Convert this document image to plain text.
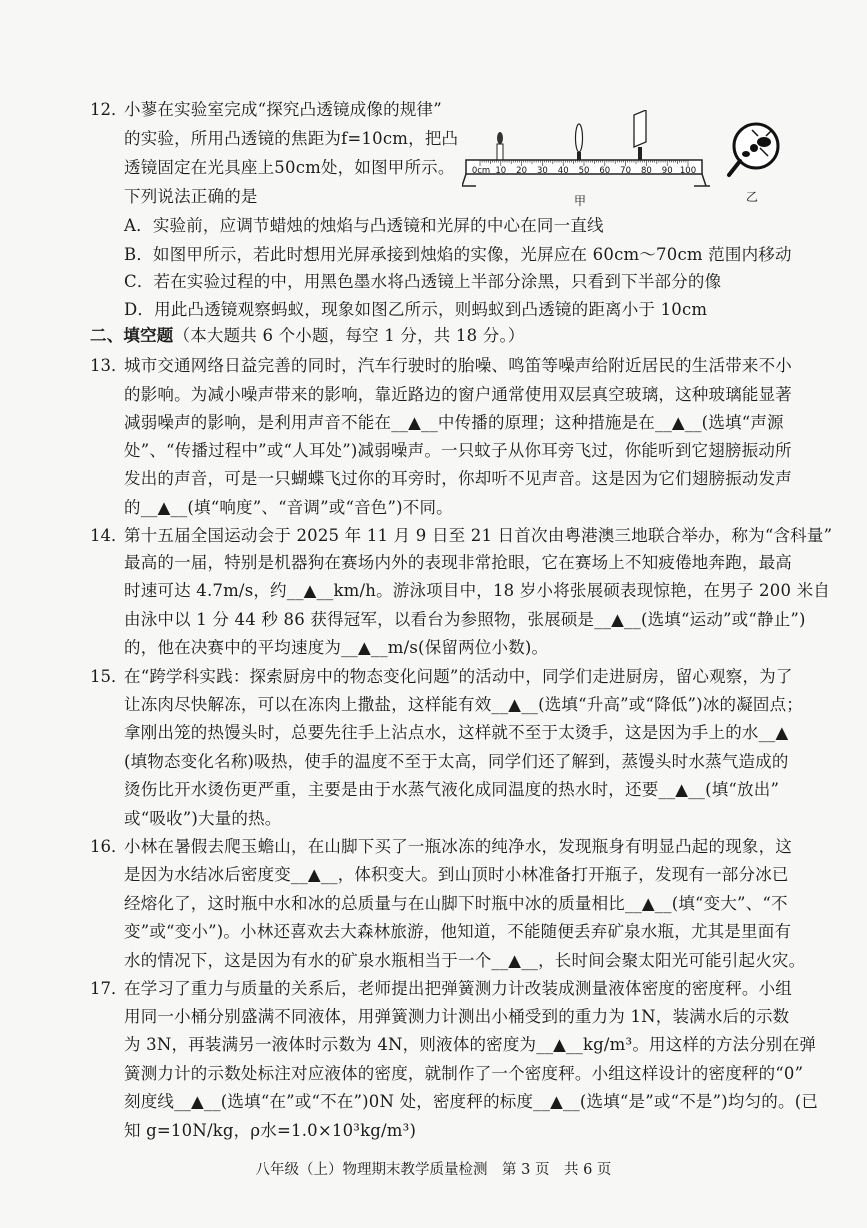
12．
小蓼在实验室完成“探究凸透镜成像的规律”
的实验，所用凸透镜的焦距为f=10cm，把凸
透镜固定在光具座上50cm处，如图甲所示。
下列说法正确的是
A．实验前，应调节蜡烛的烛焰与凸透镜和光屏的中心在同一直线
B．如图甲所示，若此时想用光屏承接到烛焰的实像，光屏应在 60cm～70cm 范围内移动
C．若在实验过程的中，用黑色墨水将凸透镜上半部分涂黑，只看到下半部分的像
D．用此凸透镜观察蚂蚁，现象如图乙所示，则蚂蚁到凸透镜的距离小于 10cm
0cm 10 20 30 40 50 60 70 80 90 100
甲	乙
二、填空题（本大题共 6 个小题，每空 1 分，共 18 分。）
13．
城市交通网络日益完善的同时，汽车行驶时的胎噪、鸣笛等噪声给附近居民的生活带来不小
的影响。为减小噪声带来的影响，靠近路边的窗户通常使用双层真空玻璃，这种玻璃能显著
减弱噪声的影响，是利用声音不能在__▲__中传播的原理；这种措施是在__▲__(选填“声源
处”、“传播过程中”或“人耳处”)减弱噪声。一只蚊子从你耳旁飞过，你能听到它翅膀振动所
发出的声音，可是一只蝴蝶飞过你的耳旁时，你却听不见声音。这是因为它们翅膀振动发声
的__▲__(填“响度”、“音调”或“音色”)不同。
14．
第十五届全国运动会于 2025 年 11 月 9 日至 21 日首次由粤港澳三地联合举办，称为“含科量”
最高的一届，特别是机器狗在赛场内外的表现非常抢眼，它在赛场上不知疲倦地奔跑，最高
时速可达 4.7m/s，约__▲__km/h。游泳项目中，18 岁小将张展硕表现惊艳，在男子 200 米自
由泳中以 1 分 44 秒 86 获得冠军，以看台为参照物，张展硕是__▲__(选填“运动”或“静止”)
的，他在决赛中的平均速度为__▲__m/s(保留两位小数)。
15．
在“跨学科实践：探索厨房中的物态变化问题”的活动中，同学们走进厨房，留心观察，为了
让冻肉尽快解冻，可以在冻肉上撒盐，这样能有效__▲__(选填“升高”或“降低”)冰的凝固点；
拿刚出笼的热馒头时，总要先往手上沾点水，这样就不至于太烫手，这是因为手上的水__▲
(填物态变化名称)吸热，使手的温度不至于太高，同学们还了解到，蒸馒头时水蒸气造成的
烫伤比开水烫伤更严重，主要是由于水蒸气液化成同温度的热水时，还要__▲__(填“放出”
或“吸收”)大量的热。
16．
小林在暑假去爬玉蟾山，在山脚下买了一瓶冰冻的纯净水，发现瓶身有明显凸起的现象，这
是因为水结冰后密度变__▲__，体积变大。到山顶时小林准备打开瓶子，发现有一部分冰已
经熔化了，这时瓶中水和冰的总质量与在山脚下时瓶中冰的质量相比__▲__(填“变大”、“不
变”或“变小”)。小林还喜欢去大森林旅游，他知道，不能随便丢弃矿泉水瓶，尤其是里面有
水的情况下，这是因为有水的矿泉水瓶相当于一个__▲__，长时间会聚太阳光可能引起火灾。
17．
在学习了重力与质量的关系后，老师提出把弹簧测力计改装成测量液体密度的密度秤。小组
用同一小桶分别盛满不同液体，用弹簧测力计测出小桶受到的重力为 1N，装满水后的示数
为 3N，再装满另一液体时示数为 4N，则液体的密度为__▲__kg/m³。用这样的方法分别在弹
簧测力计的示数处标注对应液体的密度，就制作了一个密度秤。小组这样设计的密度秤的“0”
刻度线__▲__(选填“在”或“不在”)0N 处，密度秤的标度__▲__(选填“是”或“不是”)均匀的。(已
知 g=10N/kg，ρ水=1.0×10³kg/m³)
八年级（上）物理期末教学质量检测　第 3 页　共 6 页
